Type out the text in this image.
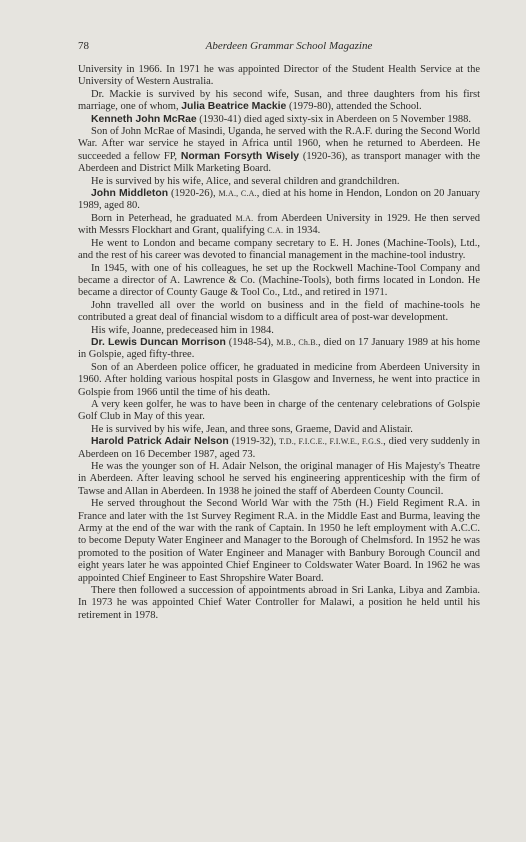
78	Aberdeen Grammar School Magazine

University in 1966. In 1971 he was appointed Director of the Student Health Service at the University of Western Australia.

Dr. Mackie is survived by his second wife, Susan, and three daughters from his first marriage, one of whom, Julia Beatrice Mackie (1979-80), attended the School.

Kenneth John McRae (1930-41) died aged sixty-six in Aberdeen on 5 November 1988.

Son of John McRae of Masindi, Uganda, he served with the R.A.F. during the Second World War. After war service he stayed in Africa until 1960, when he returned to Aberdeen. He succeeded a fellow FP, Norman Forsyth Wisely (1920-36), as transport manager with the Aberdeen and District Milk Marketing Board.

He is survived by his wife, Alice, and several children and grandchildren.

John Middleton (1920-26), M.A., C.A., died at his home in Hendon, London on 20 January 1989, aged 80.

Born in Peterhead, he graduated M.A. from Aberdeen University in 1929. He then served with Messrs Flockhart and Grant, qualifying C.A. in 1934.

He went to London and became company secretary to E. H. Jones (Machine-Tools), Ltd., and the rest of his career was devoted to financial management in the machine-tool industry.

In 1945, with one of his colleagues, he set up the Rockwell Machine-Tool Company and became a director of A. Lawrence & Co. (Machine-Tools), both firms located in London. He became a director of County Gauge & Tool Co., Ltd., and retired in 1971.

John travelled all over the world on business and in the field of machine-tools he contributed a great deal of financial wisdom to a difficult area of post-war development.

His wife, Joanne, predeceased him in 1984.

Dr. Lewis Duncan Morrison (1948-54), M.B., Ch.B., died on 17 January 1989 at his home in Golspie, aged fifty-three.

Son of an Aberdeen police officer, he graduated in medicine from Aberdeen University in 1960. After holding various hospital posts in Glasgow and Inverness, he went into practice in Golspie from 1966 until the time of his death.

A very keen golfer, he was to have been in charge of the centenary celebrations of Golspie Golf Club in May of this year.

He is survived by his wife, Jean, and three sons, Graeme, David and Alistair.

Harold Patrick Adair Nelson (1919-32), T.D., F.I.C.E., F.I.W.E., F.G.S., died very suddenly in Aberdeen on 16 December 1987, aged 73.

He was the younger son of H. Adair Nelson, the original manager of His Majesty's Theatre in Aberdeen. After leaving school he served his engineering apprenticeship with the firm of Tawse and Allan in Aberdeen. In 1938 he joined the staff of Aberdeen County Council.

He served throughout the Second World War with the 75th (H.) Field Regiment R.A. in France and later with the 1st Survey Regiment R.A. in the Middle East and Burma, leaving the Army at the end of the war with the rank of Captain. In 1950 he left employment with A.C.C. to become Deputy Water Engineer and Manager to the Borough of Chelmsford. In 1952 he was promoted to the position of Water Engineer and Manager with Banbury Borough Council and eight years later he was appointed Chief Engineer to Coldswater Water Board. In 1962 he was appointed Chief Engineer to East Shropshire Water Board.

There then followed a succession of appointments abroad in Sri Lanka, Libya and Zambia. In 1973 he was appointed Chief Water Controller for Malawi, a position he held until his retirement in 1978.
